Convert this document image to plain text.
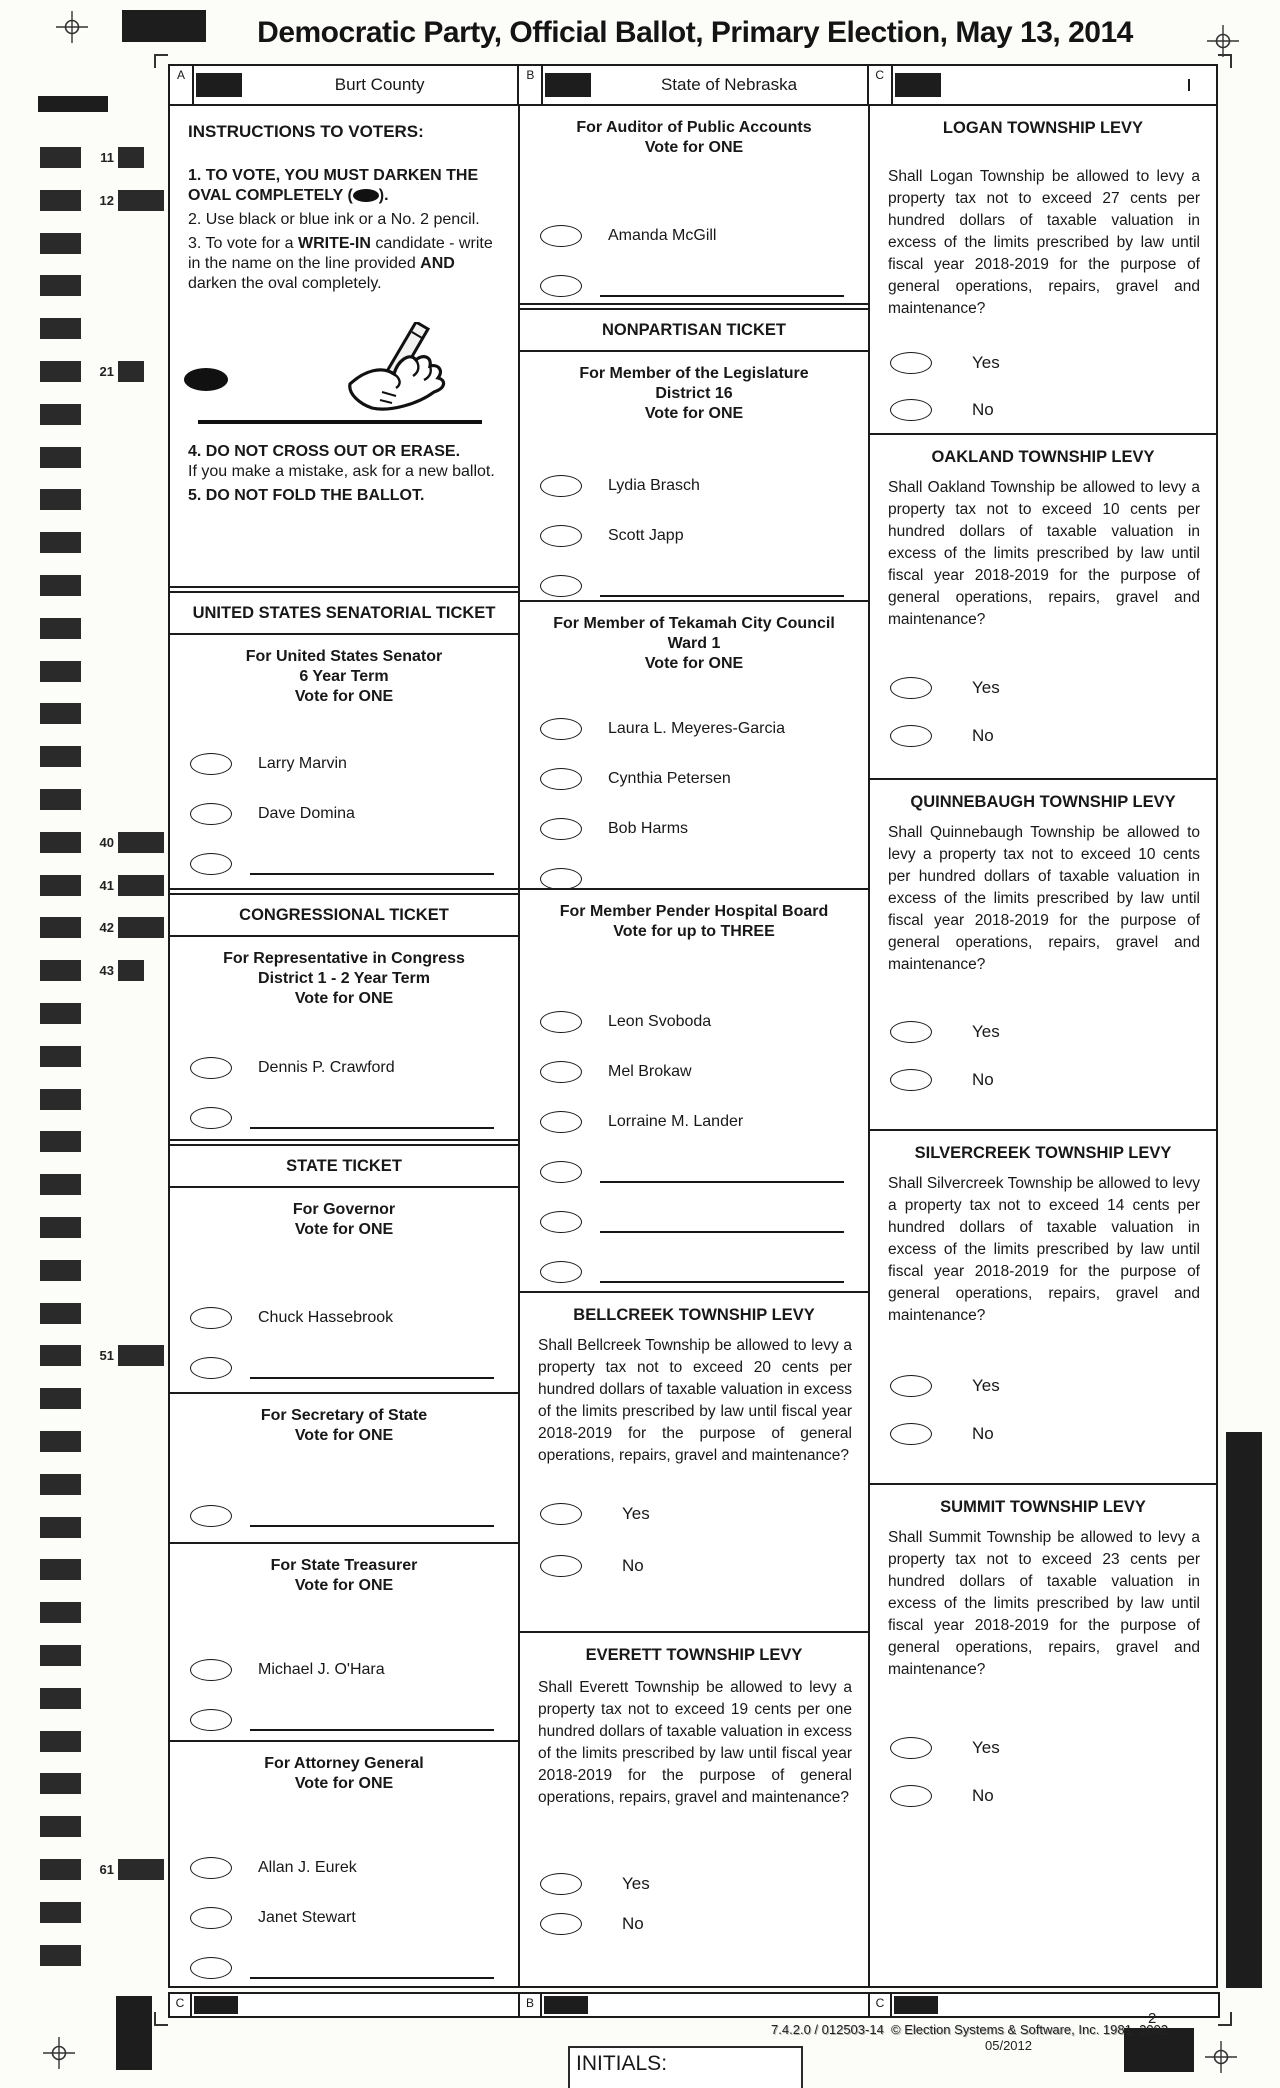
11
12
21
40
41
42
43
51
61
Democratic Party, Official Ballot, Primary Election, May 13, 2014
A	Burt County	B	State of Nebraska	C
INSTRUCTIONS TO VOTERS:
1. TO VOTE, YOU MUST DARKEN THE OVAL COMPLETELY ( ).
2. Use black or blue ink or a No. 2 pencil.
3. To vote for a WRITE-IN candidate - write in the name on the line provided AND darken the oval completely.
4. DO NOT CROSS OUT OR ERASE.
If you make a mistake, ask for a new ballot.
5. DO NOT FOLD THE BALLOT.
UNITED STATES SENATORIAL TICKET
For United States Senator
6 Year Term
Vote for ONE
Larry Marvin
Dave Domina
CONGRESSIONAL TICKET
For Representative in Congress
District 1 - 2 Year Term
Vote for ONE
Dennis P. Crawford
STATE TICKET
For Governor
Vote for ONE
Chuck Hassebrook
For Secretary of State
Vote for ONE
For State Treasurer
Vote for ONE
Michael J. O'Hara
For Attorney General
Vote for ONE
Allan J. Eurek
Janet Stewart
For Auditor of Public Accounts
Vote for ONE
Amanda McGill
NONPARTISAN TICKET
For Member of the Legislature
District 16
Vote for ONE
Lydia Brasch
Scott Japp
For Member of Tekamah City Council
Ward 1
Vote for ONE
Laura L. Meyeres-Garcia
Cynthia Petersen
Bob Harms
For Member Pender Hospital Board
Vote for up to THREE
Leon Svoboda
Mel Brokaw
Lorraine M. Lander
BELLCREEK TOWNSHIP LEVY
Shall Bellcreek Township be allowed to levy a property tax not to exceed 20 cents per hundred dollars of taxable valuation in excess of the limits prescribed by law until fiscal year 2018-2019 for the purpose of general operations, repairs, gravel and maintenance?
Yes
No
EVERETT TOWNSHIP LEVY
Shall Everett Township be allowed to levy a property tax not to exceed 19 cents per one hundred dollars of taxable valuation in excess of the limits prescribed by law until fiscal year 2018-2019 for the purpose of general operations, repairs, gravel and maintenance?
Yes
No
LOGAN TOWNSHIP LEVY
Shall Logan Township be allowed to levy a property tax not to exceed 27 cents per hundred dollars of taxable valuation in excess of the limits prescribed by law until fiscal year 2018-2019 for the purpose of general operations, repairs, gravel and maintenance?
Yes
No
OAKLAND TOWNSHIP LEVY
Shall Oakland Township be allowed to levy a property tax not to exceed 10 cents per hundred dollars of taxable valuation in excess of the limits prescribed by law until fiscal year 2018-2019 for the purpose of general operations, repairs, gravel and maintenance?
Yes
No
QUINNEBAUGH TOWNSHIP LEVY
Shall Quinnebaugh Township be allowed to levy a property tax not to exceed 10 cents per hundred dollars of taxable valuation in excess of the limits prescribed by law until fiscal year 2018-2019 for the purpose of general operations, repairs, gravel and maintenance?
Yes
No
SILVERCREEK TOWNSHIP LEVY
Shall Silvercreek Township be allowed to levy a property tax not to exceed 14 cents per hundred dollars of taxable valuation in excess of the limits prescribed by law until fiscal year 2018-2019 for the purpose of general operations, repairs, gravel and maintenance?
Yes
No
SUMMIT TOWNSHIP LEVY
Shall Summit Township be allowed to levy a property tax not to exceed 23 cents per hundred dollars of taxable valuation in excess of the limits prescribed by law until fiscal year 2018-2019 for the purpose of general operations, repairs, gravel and maintenance?
Yes
No
C	B	C
7.4.2.0 / 012503-14 © Election Systems & Software, Inc. 1981, 2002
05/2012
2
INITIALS:
